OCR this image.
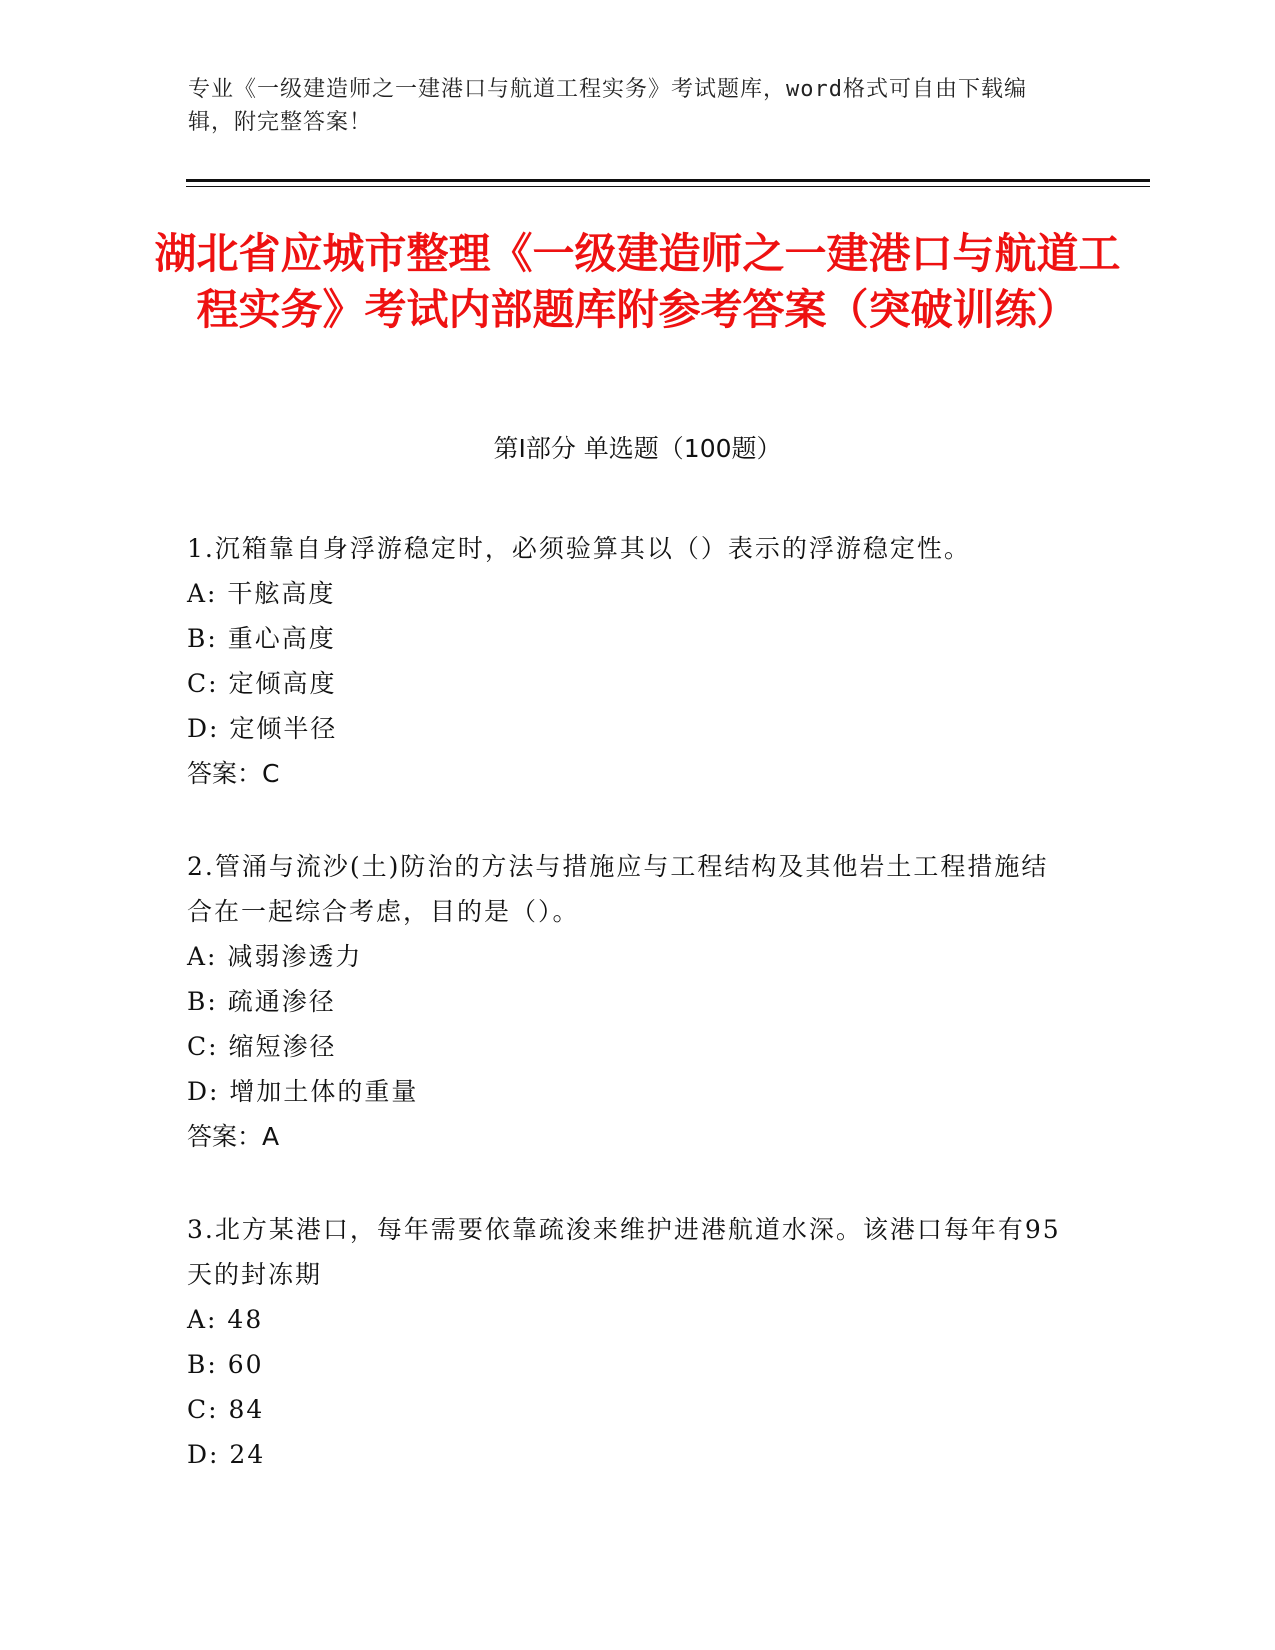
专业《一级建造师之一建港口与航道工程实务》考试题库，word格式可自由下载编辑，附完整答案！
湖北省应城市整理《一级建造师之一建港口与航道工程实务》考试内部题库附参考答案（突破训练）
第Ⅰ部分 单选题（100题）
1.沉箱靠自身浮游稳定时，必须验算其以（）表示的浮游稳定性。
A: 干舷高度
B: 重心高度
C: 定倾高度
D: 定倾半径
答案：C
2.管涌与流沙(土)防治的方法与措施应与工程结构及其他岩土工程措施结合在一起综合考虑，目的是（）。
A: 减弱渗透力
B: 疏通渗径
C: 缩短渗径
D: 增加土体的重量
答案：A
3.北方某港口，每年需要依靠疏浚来维护进港航道水深。该港口每年有95天的封冻期
A: 48
B: 60
C: 84
D: 24
